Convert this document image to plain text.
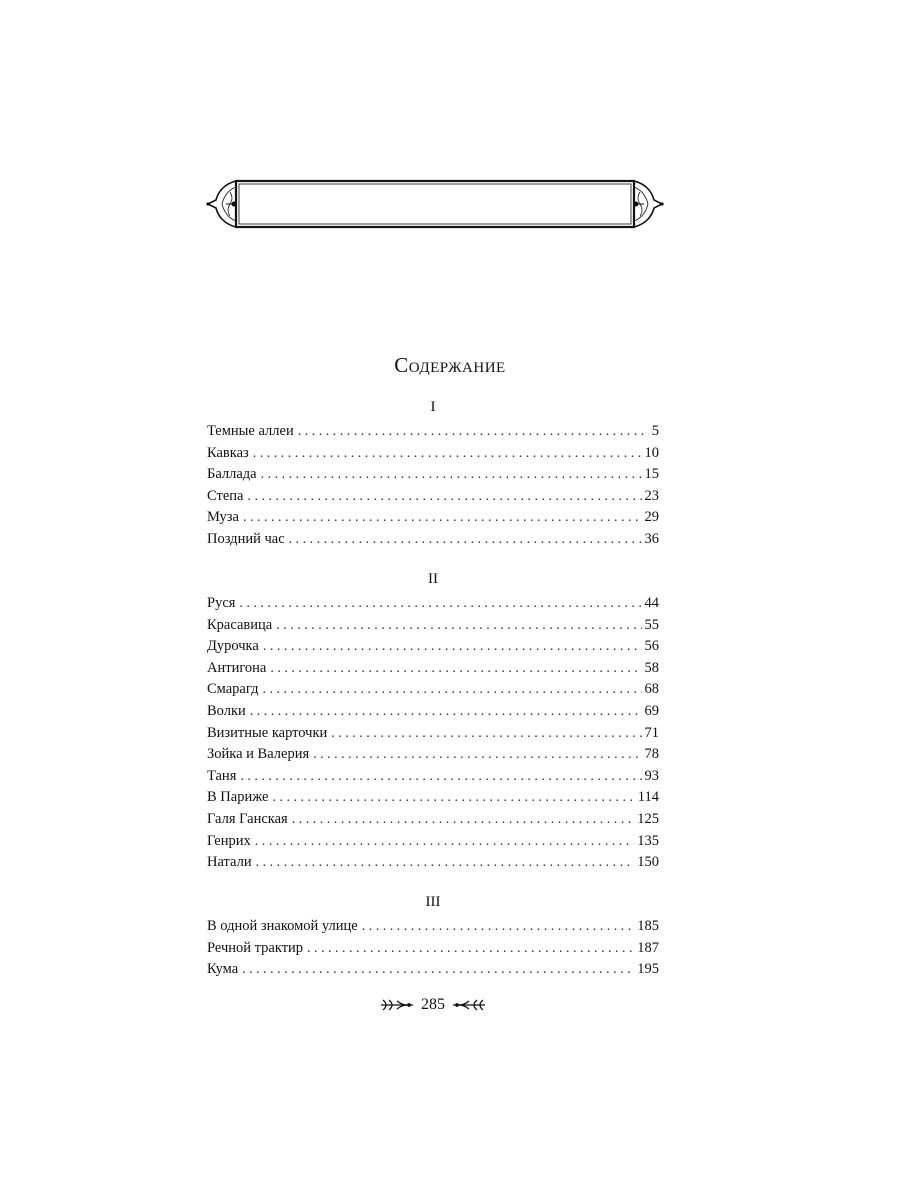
Содержание
I
Темные аллеи . . .	5
Кавказ . . .	10
Баллада . . .	15
Степа . . .	23
Муза . . .	29
Поздний час . . .	36
II
Руся . . .	44
Красавица . . .	55
Дурочка . . .	56
Антигона . . .	58
Смарагд . . .	68
Волки . . .	69
Визитные карточки . . .	71
Зойка и Валерия . . .	78
Таня . . .	93
В Париже . . .	114
Галя Ганская . . .	125
Генрих . . .	135
Натали . . .	150
III
В одной знакомой улице . . .	185
Речной трактир . . .	187
Кума . . .	195
285
